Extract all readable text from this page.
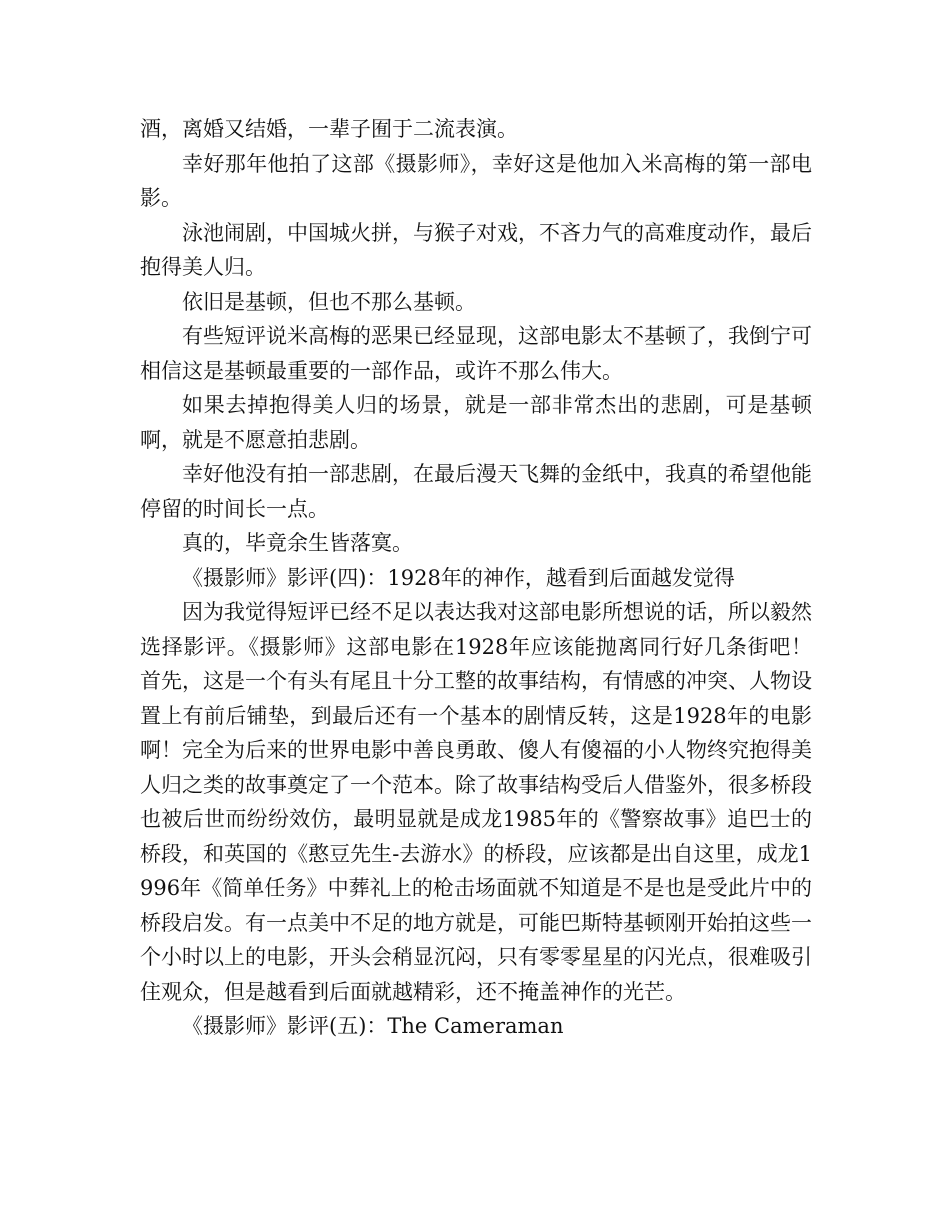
酒，离婚又结婚，一辈子囿于二流表演。

幸好那年他拍了这部《摄影师》，幸好这是他加入米高梅的第一部电影。

泳池闹剧，中国城火拼，与猴子对戏，不吝力气的高难度动作，最后抱得美人归。

依旧是基顿，但也不那么基顿。

有些短评说米高梅的恶果已经显现，这部电影太不基顿了，我倒宁可相信这是基顿最重要的一部作品，或许不那么伟大。

如果去掉抱得美人归的场景，就是一部非常杰出的悲剧，可是基顿啊，就是不愿意拍悲剧。

幸好他没有拍一部悲剧，在最后漫天飞舞的金纸中，我真的希望他能停留的时间长一点。

真的，毕竟余生皆落寞。

《摄影师》影评(四)：1928年的神作，越看到后面越发觉得

因为我觉得短评已经不足以表达我对这部电影所想说的话，所以毅然选择影评。《摄影师》这部电影在1928年应该能抛离同行好几条街吧！首先，这是一个有头有尾且十分工整的故事结构，有情感的冲突、人物设置上有前后铺垫，到最后还有一个基本的剧情反转，这是1928年的电影啊！完全为后来的世界电影中善良勇敢、傻人有傻福的小人物终究抱得美人归之类的故事奠定了一个范本。除了故事结构受后人借鉴外，很多桥段也被后世而纷纷效仿，最明显就是成龙1985年的《警察故事》追巴士的桥段，和英国的《憨豆先生-去游水》的桥段，应该都是出自这里，成龙1996年《简单任务》中葬礼上的枪击场面就不知道是不是也是受此片中的桥段启发。有一点美中不足的地方就是，可能巴斯特基顿刚开始拍这些一个小时以上的电影，开头会稍显沉闷，只有零零星星的闪光点，很难吸引住观众，但是越看到后面就越精彩，还不掩盖神作的光芒。

《摄影师》影评(五)：The Cameraman
